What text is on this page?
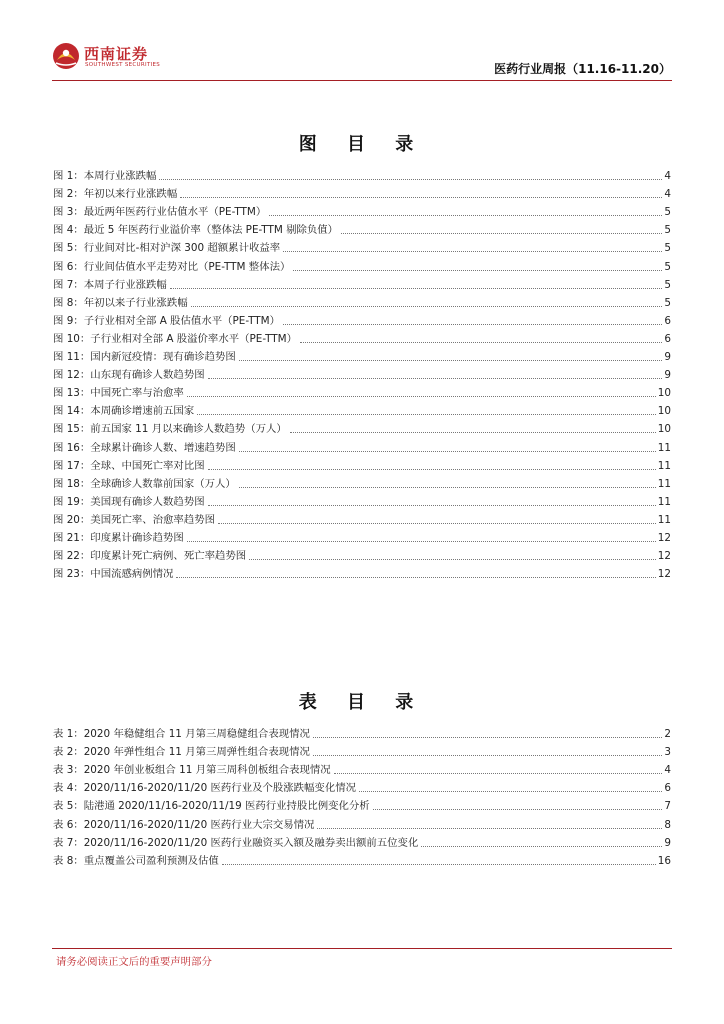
西南证券
SOUTHWEST SECURITIES	医药行业周报（11.16-11.20）
图 目 录
图 1：本周行业涨跌幅	4
图 2：年初以来行业涨跌幅	4
图 3：最近两年医药行业估值水平（PE-TTM）	5
图 4：最近 5 年医药行业溢价率（整体法 PE-TTM 剔除负值）	5
图 5：行业间对比-相对沪深 300 超额累计收益率	5
图 6：行业间估值水平走势对比（PE-TTM 整体法）	5
图 7：本周子行业涨跌幅	5
图 8：年初以来子行业涨跌幅	5
图 9：子行业相对全部 A 股估值水平（PE-TTM）	6
图 10：子行业相对全部 A 股溢价率水平（PE-TTM）	6
图 11：国内新冠疫情：现有确诊趋势图	9
图 12：山东现有确诊人数趋势图	9
图 13：中国死亡率与治愈率	10
图 14：本周确诊增速前五国家	10
图 15：前五国家 11 月以来确诊人数趋势（万人）	10
图 16：全球累计确诊人数、增速趋势图	11
图 17：全球、中国死亡率对比图	11
图 18：全球确诊人数靠前国家（万人）	11
图 19：美国现有确诊人数趋势图	11
图 20：美国死亡率、治愈率趋势图	11
图 21：印度累计确诊趋势图	12
图 22：印度累计死亡病例、死亡率趋势图	12
图 23：中国流感病例情况	12
表 目 录
表 1：2020 年稳健组合 11 月第三周稳健组合表现情况	2
表 2：2020 年弹性组合 11 月第三周弹性组合表现情况	3
表 3：2020 年创业板组合 11 月第三周科创板组合表现情况	4
表 4：2020/11/16-2020/11/20 医药行业及个股涨跌幅变化情况	6
表 5：陆港通 2020/11/16-2020/11/19 医药行业持股比例变化分析	7
表 6：2020/11/16-2020/11/20 医药行业大宗交易情况	8
表 7：2020/11/16-2020/11/20 医药行业融资买入额及融券卖出额前五位变化	9
表 8：重点覆盖公司盈利预测及估值	16
请务必阅读正文后的重要声明部分
